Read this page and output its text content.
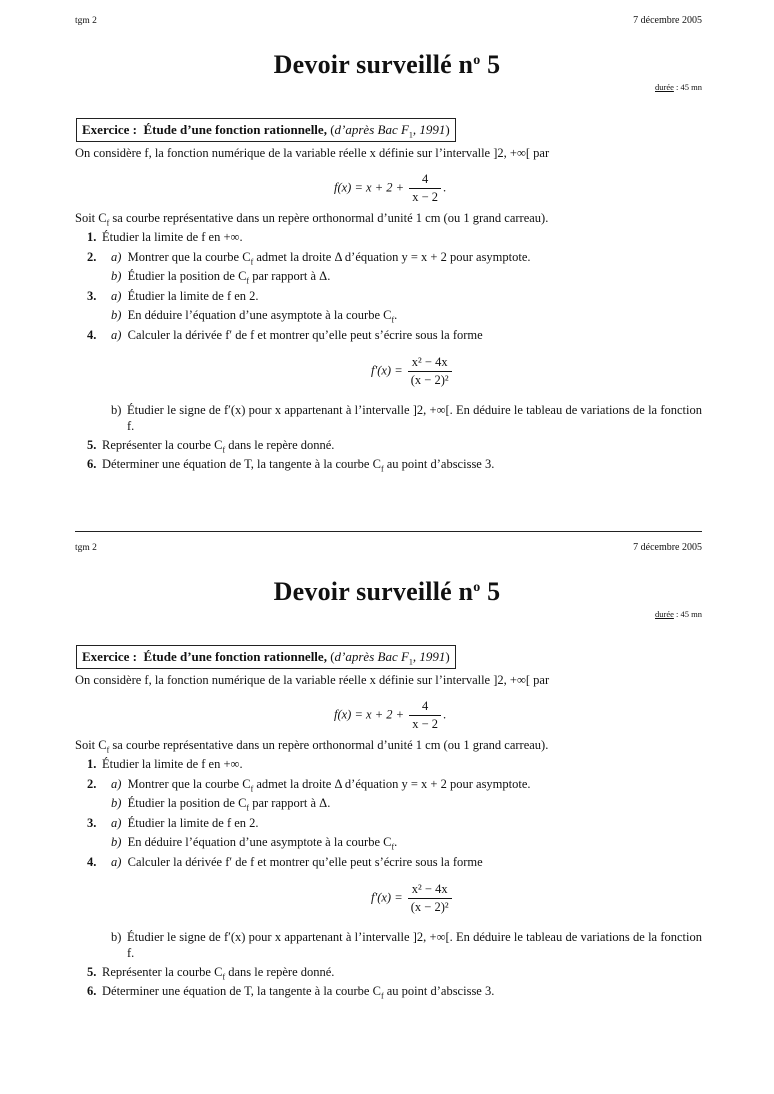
tgm 2	7 décembre 2005
Devoir surveillé $n^o$ 5
durée : 45 mn
Exercice : Étude d’une fonction rationnelle, (d’après Bac $F_1$, 1991)
On considère f, la fonction numérique de la variable réelle x définie sur l’intervalle ]2, +∞[ par
$f(x) = x + 2 + \frac{4}{x - 2}$ .
Soit $C_f$ sa courbe représentative dans un repère orthonormal d’unité 1 cm (ou 1 grand carreau).
1. Étudier la limite de f en +∞.
2. a) Montrer que la courbe $C_f$ admet la droite Δ d’équation y = x + 2 pour asymptote.
b) Étudier la position de $C_f$ par rapport à Δ.
3. a) Étudier la limite de f en 2.
b) En déduire l’équation d’une asymptote à la courbe $C_f$.
4. a) Calculer la dérivée f′ de f et montrer qu’elle peut s’écrire sous la forme
$f'(x) = \frac{\text{x² − 4x}}{\text{(x − 2)²}}$
b) Étudier le signe de f′(x) pour x appartenant à l’intervalle ]2, +∞[. En déduire le tableau de variations de la fonction f.
5. Représenter la courbe $C_f$ dans le repère donné.
6. Déterminer une équation de T, la tangente à la courbe $C_f$ au point d’abscisse 3.
tgm 2	7 décembre 2005
Devoir surveillé $n^o$ 5
durée : 45 mn
Exercice : Étude d’une fonction rationnelle, (d’après Bac $F_1$, 1991)
On considère f, la fonction numérique de la variable réelle x définie sur l’intervalle ]2, +∞[ par
$f(x) = x + 2 + \frac{4}{x - 2}$ .
Soit $C_f$ sa courbe représentative dans un repère orthonormal d’unité 1 cm (ou 1 grand carreau).
1. Étudier la limite de f en +∞.
2. a) Montrer que la courbe $C_f$ admet la droite Δ d’équation y = x + 2 pour asymptote.
b) Étudier la position de $C_f$ par rapport à Δ.
3. a) Étudier la limite de f en 2.
b) En déduire l’équation d’une asymptote à la courbe $C_f$.
4. a) Calculer la dérivée f′ de f et montrer qu’elle peut s’écrire sous la forme
$f'(x) = \frac{\text{x² − 4x}}{\text{(x − 2)²}}$
b) Étudier le signe de f′(x) pour x appartenant à l’intervalle ]2, +∞[. En déduire le tableau de variations de la fonction f.
5. Représenter la courbe $C_f$ dans le repère donné.
6. Déterminer une équation de T, la tangente à la courbe $C_f$ au point d’abscisse 3.
